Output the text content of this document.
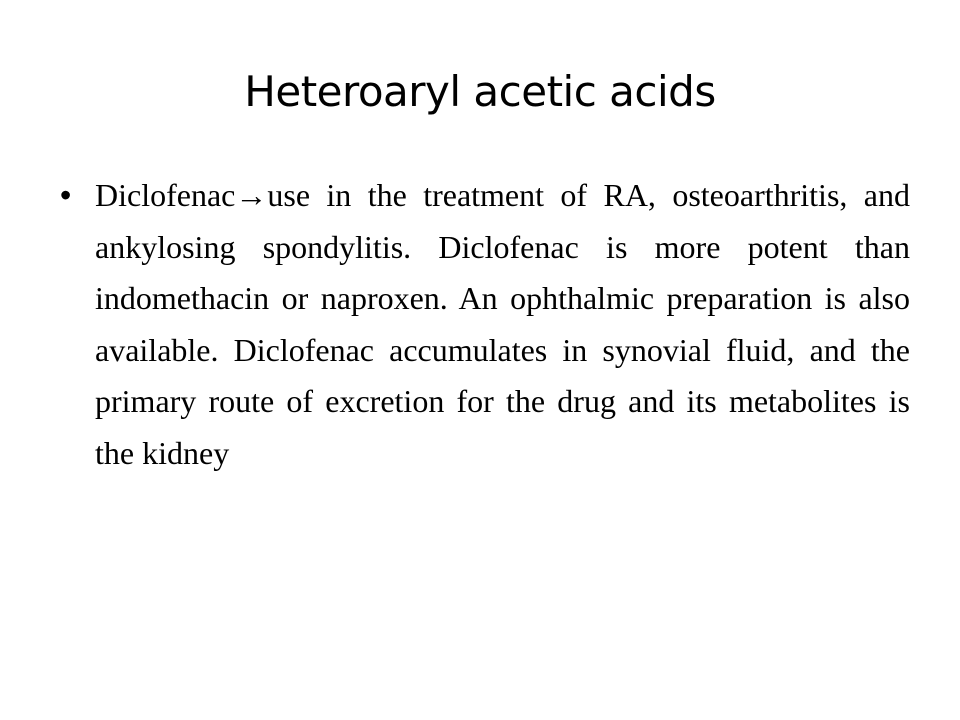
Heteroaryl acetic acids
• Diclofenac→use in the treatment of RA, osteoarthritis, and ankylosing spondylitis. Diclofenac is more potent than indomethacin or naproxen. An ophthalmic preparation is also available. Diclofenac accumulates in synovial fluid, and the primary route of excretion for the drug and its metabolites is the kidney
